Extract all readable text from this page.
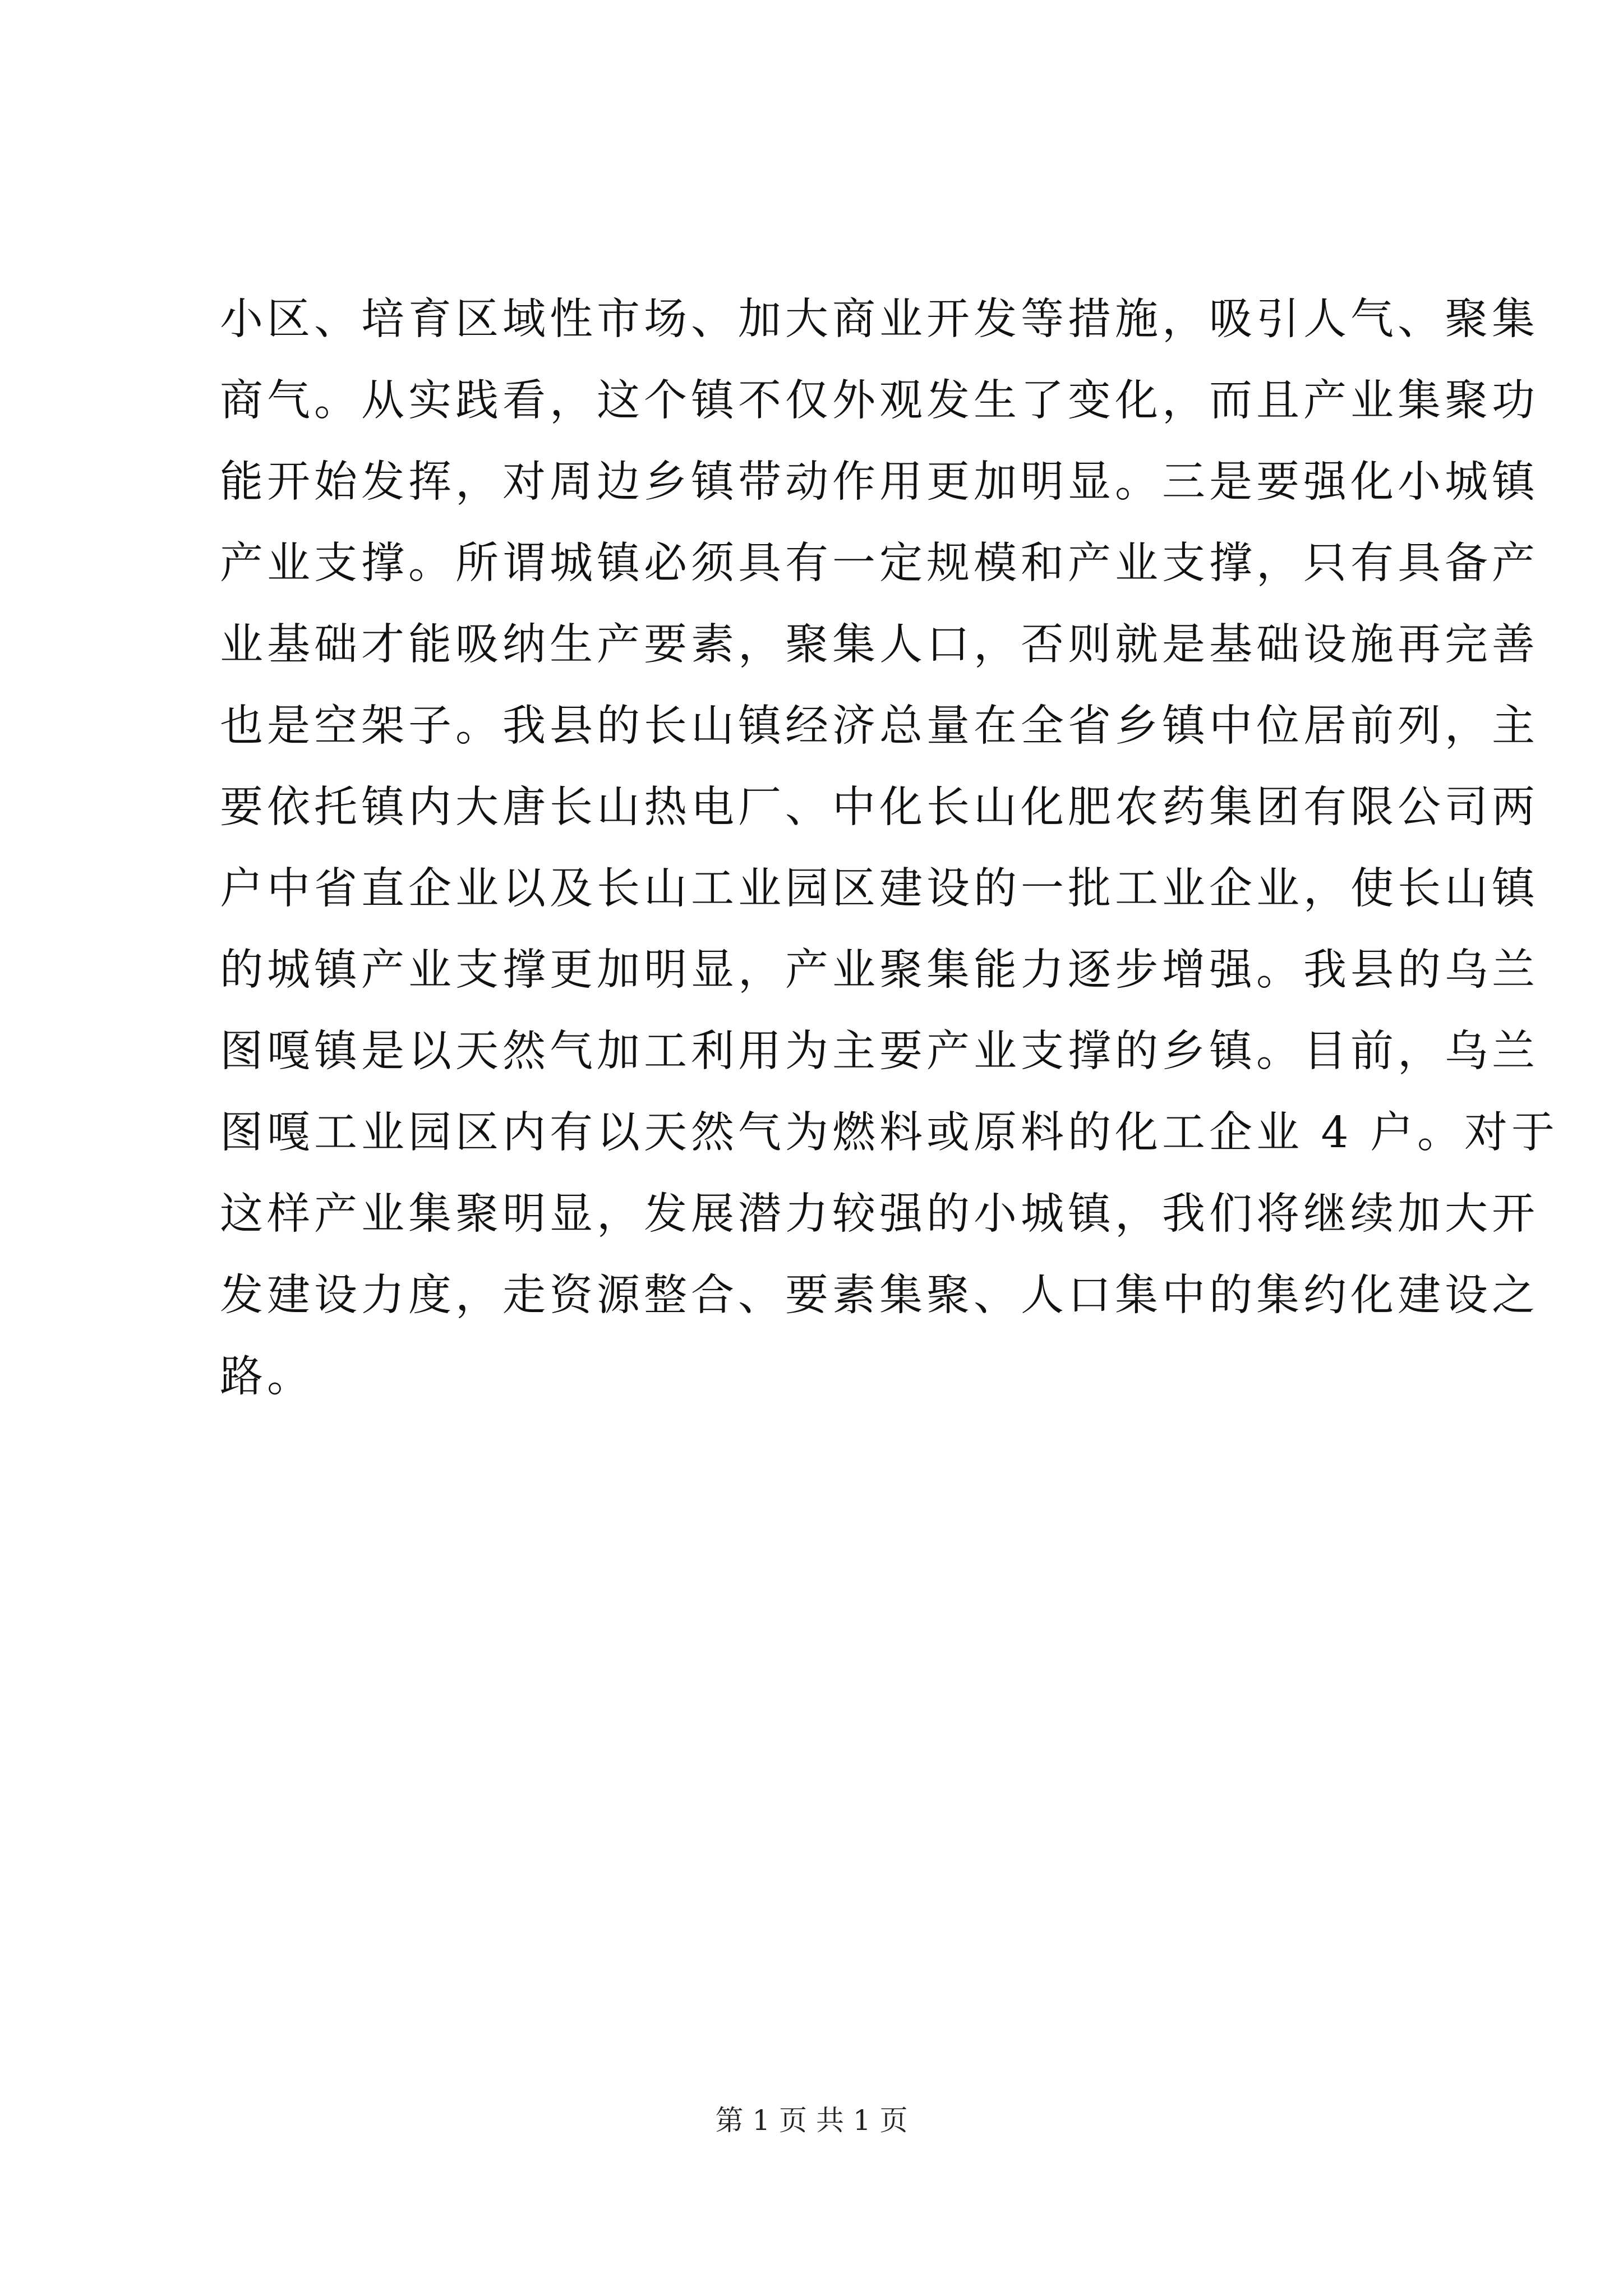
小区、培育区域性市场、加大商业开发等措施，吸引人气、聚集
商气。从实践看，这个镇不仅外观发生了变化，而且产业集聚功
能开始发挥，对周边乡镇带动作用更加明显。三是要强化小城镇
产业支撑。所谓城镇必须具有一定规模和产业支撑，只有具备产
业基础才能吸纳生产要素，聚集人口，否则就是基础设施再完善
也是空架子。我县的长山镇经济总量在全省乡镇中位居前列，主
要依托镇内大唐长山热电厂、中化长山化肥农药集团有限公司两
户中省直企业以及长山工业园区建设的一批工业企业，使长山镇
的城镇产业支撑更加明显，产业聚集能力逐步增强。我县的乌兰
图嘎镇是以天然气加工利用为主要产业支撑的乡镇。目前，乌兰
图嘎工业园区内有以天然气为燃料或原料的化工企业 4 户。对于
这样产业集聚明显，发展潜力较强的小城镇，我们将继续加大开
发建设力度，走资源整合、要素集聚、人口集中的集约化建设之
路。
第 1 页 共 1 页
